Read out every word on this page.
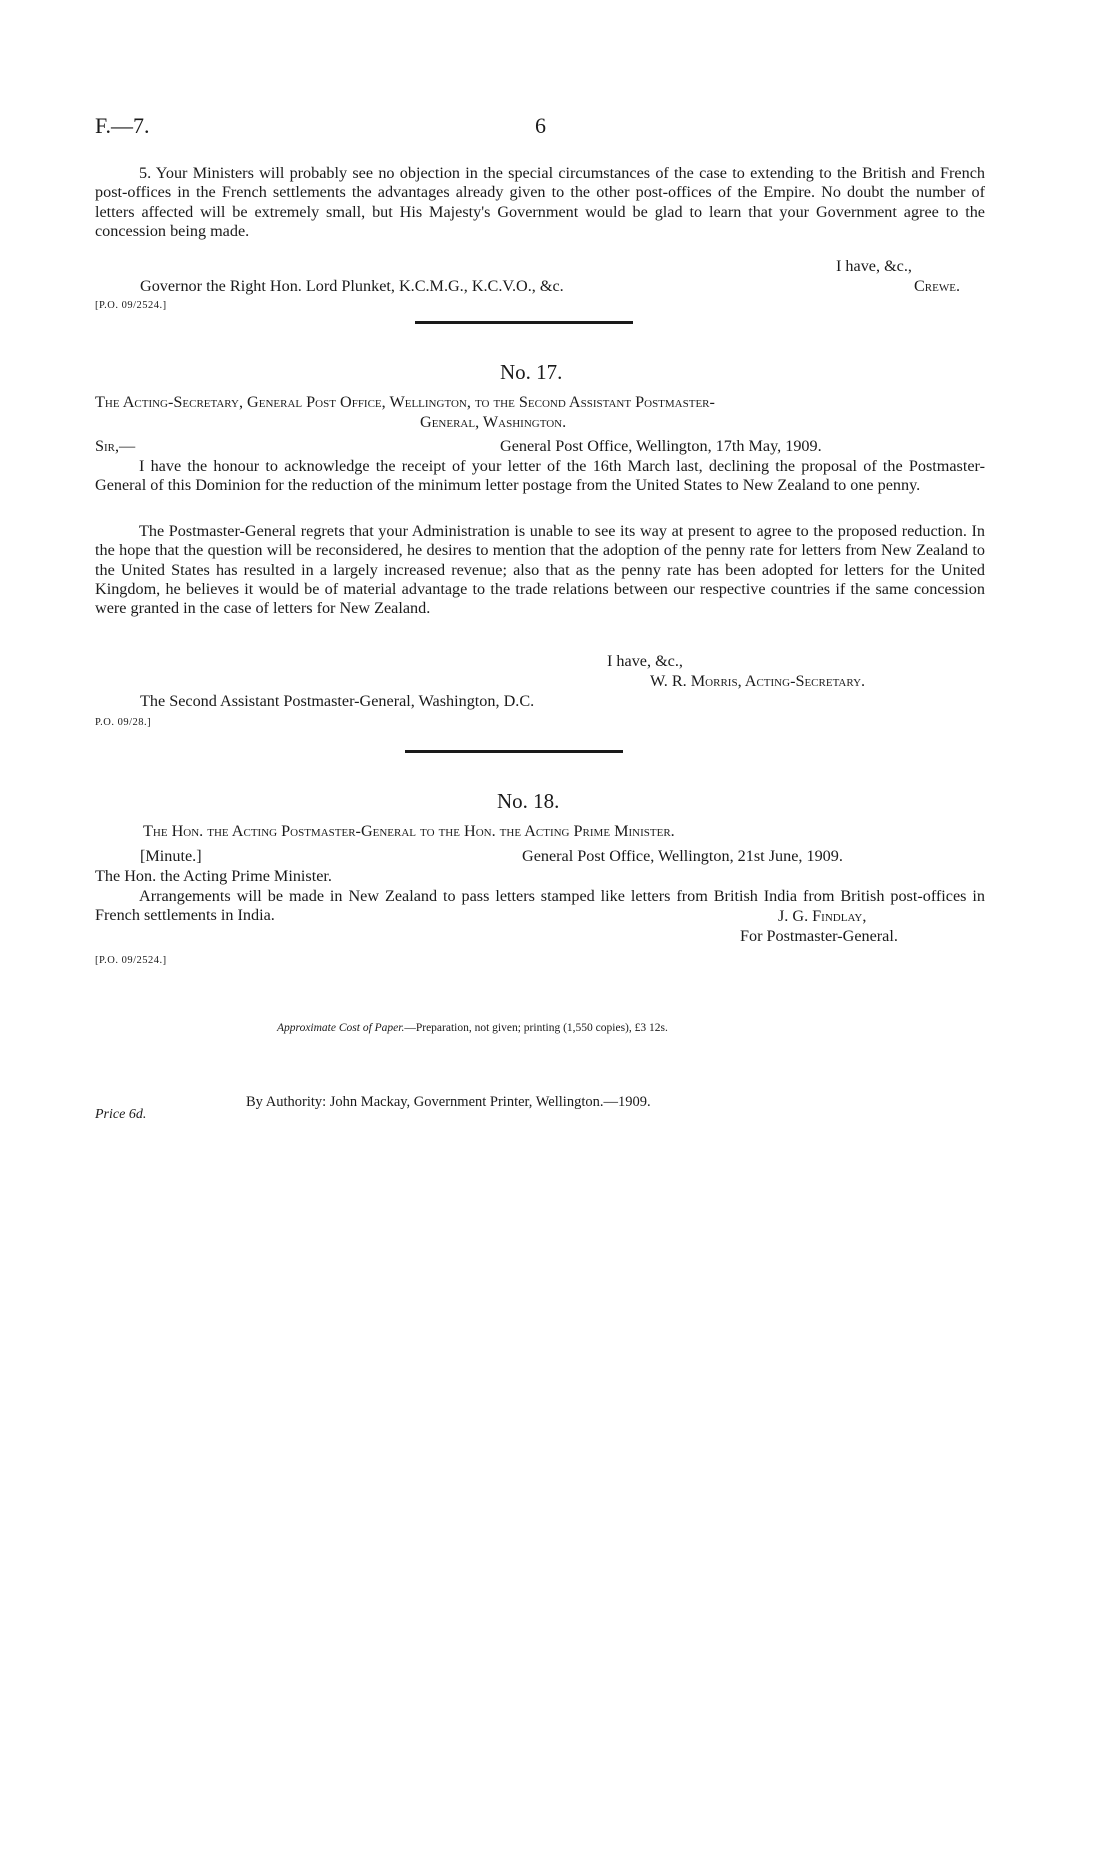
F.—7.	6
5. Your Ministers will probably see no objection in the special circumstances of the case to extending to the British and French post-offices in the French settlements the advantages already given to the other post-offices of the Empire. No doubt the number of letters affected will be extremely small, but His Majesty's Government would be glad to learn that your Government agree to the concession being made.
I have, &c.,
Governor the Right Hon. Lord Plunket, K.C.M.G., K.C.V.O., &c.	Crewe.
[P.O. 09/2524.]
No. 17.
The Acting-Secretary, General Post Office, Wellington, to the Second Assistant Postmaster-
General, Washington.
Sir,—	General Post Office, Wellington, 17th May, 1909.
I have the honour to acknowledge the receipt of your letter of the 16th March last, declining the proposal of the Postmaster-General of this Dominion for the reduction of the minimum letter postage from the United States to New Zealand to one penny.
The Postmaster-General regrets that your Administration is unable to see its way at present to agree to the proposed reduction. In the hope that the question will be reconsidered, he desires to mention that the adoption of the penny rate for letters from New Zealand to the United States has resulted in a largely increased revenue; also that as the penny rate has been adopted for letters for the United Kingdom, he believes it would be of material advantage to the trade relations between our respective countries if the same concession were granted in the case of letters for New Zealand.
I have, &c.,
W. R. Morris, Acting-Secretary.
The Second Assistant Postmaster-General, Washington, D.C.
P.O. 09/28.]
No. 18.
The Hon. the Acting Postmaster-General to the Hon. the Acting Prime Minister.
[Minute.]	General Post Office, Wellington, 21st June, 1909.
The Hon. the Acting Prime Minister.
Arrangements will be made in New Zealand to pass letters stamped like letters from British India from British post-offices in French settlements in India.	J. G. Findlay,
For Postmaster-General.
[P.O. 09/2524.]
Approximate Cost of Paper.—Preparation, not given; printing (1,550 copies), £3 12s.
Price 6d.
By Authority: John Mackay, Government Printer, Wellington.—1909.
